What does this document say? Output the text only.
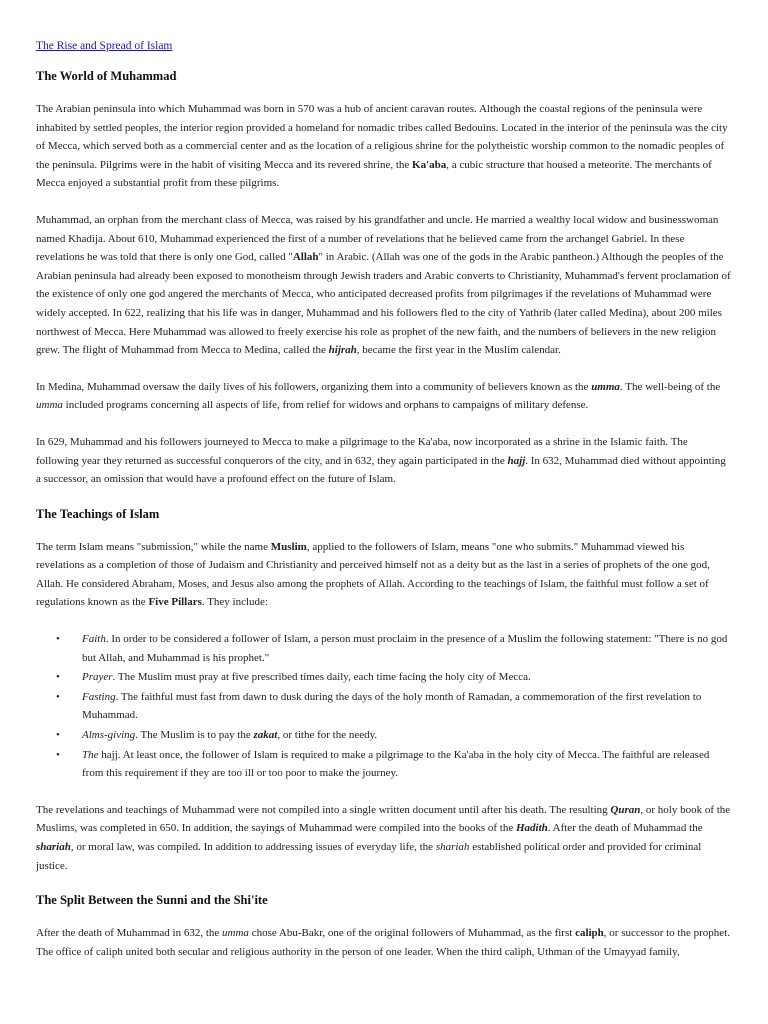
The Rise and Spread of Islam
The World of Muhammad

The Arabian peninsula into which Muhammad was born in 570 was a hub of ancient caravan routes. Although the coastal regions of the peninsula were inhabited by settled peoples, the interior region provided a homeland for nomadic tribes called Bedouins. Located in the interior of the peninsula was the city of Mecca, which served both as a commercial center and as the location of a religious shrine for the polytheistic worship common to the nomadic peoples of the peninsula. Pilgrims were in the habit of visiting Mecca and its revered shrine, the Ka'aba, a cubic structure that housed a meteorite. The merchants of Mecca enjoyed a substantial profit from these pilgrims.

Muhammad, an orphan from the merchant class of Mecca, was raised by his grandfather and uncle. He married a wealthy local widow and businesswoman named Khadija. About 610, Muhammad experienced the first of a number of revelations that he believed came from the archangel Gabriel. In these revelations he was told that there is only one God, called "Allah" in Arabic. (Allah was one of the gods in the Arabic pantheon.) Although the peoples of the Arabian peninsula had already been exposed to monotheism through Jewish traders and Arabic converts to Christianity, Muhammad's fervent proclamation of the existence of only one god angered the merchants of Mecca, who anticipated decreased profits from pilgrimages if the revelations of Muhammad were widely accepted. In 622, realizing that his life was in danger, Muhammad and his followers fled to the city of Yathrib (later called Medina), about 200 miles northwest of Mecca. Here Muhammad was allowed to freely exercise his role as prophet of the new faith, and the numbers of believers in the new religion grew. The flight of Muhammad from Mecca to Medina, called the hijrah, became the first year in the Muslim calendar.

In Medina, Muhammad oversaw the daily lives of his followers, organizing them into a community of believers known as the umma. The well-being of the umma included programs concerning all aspects of life, from relief for widows and orphans to campaigns of military defense.

In 629, Muhammad and his followers journeyed to Mecca to make a pilgrimage to the Ka'aba, now incorporated as a shrine in the Islamic faith. The following year they returned as successful conquerors of the city, and in 632, they again participated in the hajj. In 632, Muhammad died without appointing a successor, an omission that would have a profound effect on the future of Islam.

The Teachings of Islam

The term Islam means "submission," while the name Muslim, applied to the followers of Islam, means "one who submits." Muhammad viewed his revelations as a completion of those of Judaism and Christianity and perceived himself not as a deity but as the last in a series of prophets of the one god, Allah. He considered Abraham, Moses, and Jesus also among the prophets of Allah. According to the teachings of Islam, the faithful must follow a set of regulations known as the Five Pillars. They include:

• Faith. In order to be considered a follower of Islam, a person must proclaim in the presence of a Muslim the following statement: "There is no god but Allah, and Muhammad is his prophet."
• Prayer. The Muslim must pray at five prescribed times daily, each time facing the holy city of Mecca.
• Fasting. The faithful must fast from dawn to dusk during the days of the holy month of Ramadan, a commemoration of the first revelation to Muhammad.
• Alms-giving. The Muslim is to pay the zakat, or tithe for the needy.
• The hajj. At least once, the follower of Islam is required to make a pilgrimage to the Ka'aba in the holy city of Mecca. The faithful are released from this requirement if they are too ill or too poor to make the journey.

The revelations and teachings of Muhammad were not compiled into a single written document until after his death. The resulting Quran, or holy book of the Muslims, was completed in 650. In addition, the sayings of Muhammad were compiled into the books of the Hadith. After the death of Muhammad the shariah, or moral law, was compiled. In addition to addressing issues of everyday life, the shariah established political order and provided for criminal justice.

The Split Between the Sunni and the Shi'ite

After the death of Muhammad in 632, the umma chose Abu-Bakr, one of the original followers of Muhammad, as the first caliph, or successor to the prophet. The office of caliph united both secular and religious authority in the person of one leader. When the third caliph, Uthman of the Umayyad family,
